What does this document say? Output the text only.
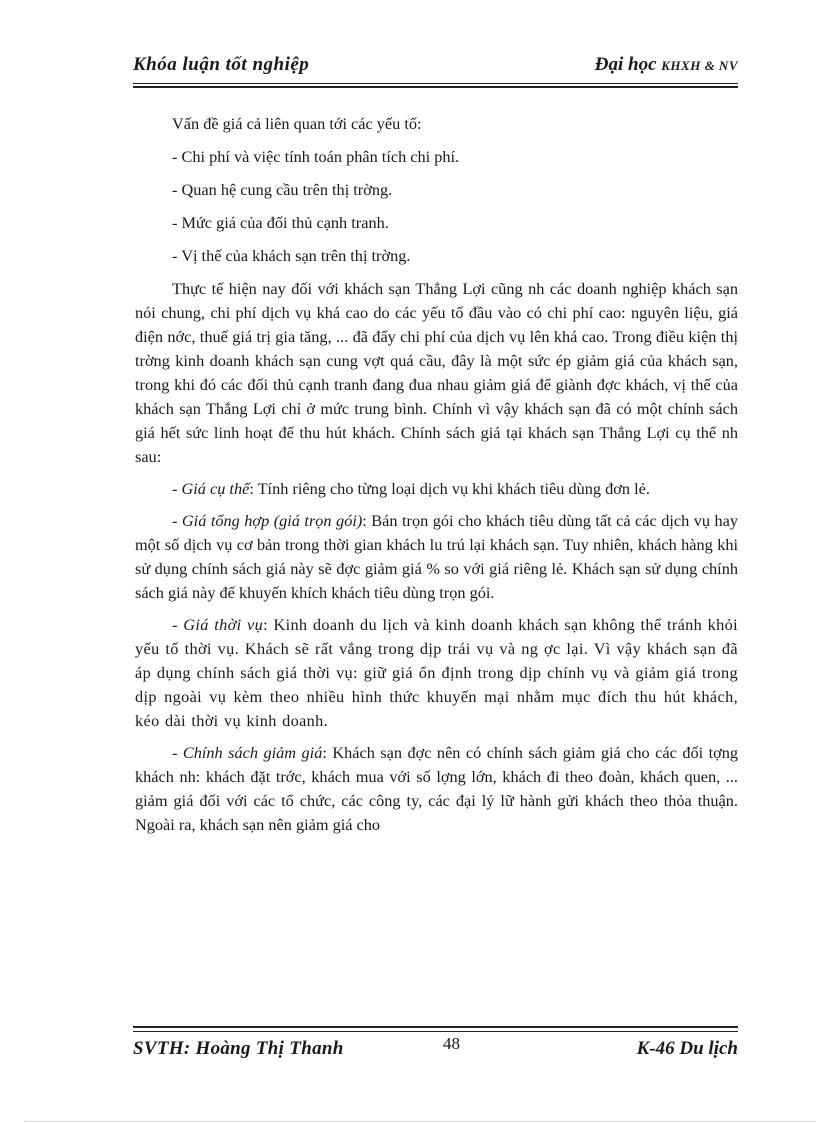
Khóa luận tốt nghiệp	Đại học KHXH & NV

Vấn đề giá cả liên quan tới các yếu tố:

- Chi phí và việc tính toán phân tích chi phí.

- Quan hệ cung cầu trên thị trờng.

- Mức giá của đối thủ cạnh tranh.

- Vị thế của khách sạn trên thị trờng.

Thực tế hiện nay đối với khách sạn Thắng Lợi cũng nh các doanh nghiệp khách sạn nói chung, chi phí dịch vụ khá cao do các yếu tố đầu vào có chi phí cao: nguyên liệu, giá điện nớc, thuế giá trị gia tăng, ... đã đẩy chi phí của dịch vụ lên khá cao. Trong điều kiện thị trờng kinh doanh khách sạn cung vợt quá cầu, đây là một sức ép giảm giá của khách sạn, trong khi đó các đối thủ cạnh tranh đang đua nhau giảm giá để giành đợc khách, vị thế của khách sạn Thắng Lợi chỉ ở mức trung bình. Chính vì vậy khách sạn đã có một chính sách giá hết sức linh hoạt để thu hút khách. Chính sách giá tại khách sạn Thắng Lợi cụ thể nh sau:

- Giá cụ thể: Tính riêng cho từng loại dịch vụ khi khách tiêu dùng đơn lẻ.

- Giá tổng hợp (giá trọn gói): Bán trọn gói cho khách tiêu dùng tất cả các dịch vụ hay một số dịch vụ cơ bản trong thời gian khách lu trú lại khách sạn. Tuy nhiên, khách hàng khi sử dụng chính sách giá này sẽ đợc giảm giá % so với giá riêng lẻ. Khách sạn sử dụng chính sách giá này để khuyến khích khách tiêu dùng trọn gói.

- Giá thời vụ: Kinh doanh du lịch và kinh doanh khách sạn không thể tránh khỏi yếu tố thời vụ. Khách sẽ rất vắng trong dịp trái vụ và ng ợc lại. Vì vậy khách sạn đã áp dụng chính sách giá thời vụ: giữ giá ổn định trong dịp chính vụ và giảm giá trong dịp ngoài vụ kèm theo nhiều hình thức khuyến mại nhằm mục đích thu hút khách, kéo dài thời vụ kinh doanh.

- Chính sách giảm giá: Khách sạn đợc nên có chính sách giảm giá cho các đối tợng khách nh: khách đặt trớc, khách mua với số lợng lớn, khách đi theo đoàn, khách quen, ... giảm giá đối với các tổ chức, các công ty, các đại lý lữ hành gửi khách theo thỏa thuận. Ngoài ra, khách sạn nên giảm giá cho

SVTH: Hoàng Thị Thanh	48	K-46 Du lịch
